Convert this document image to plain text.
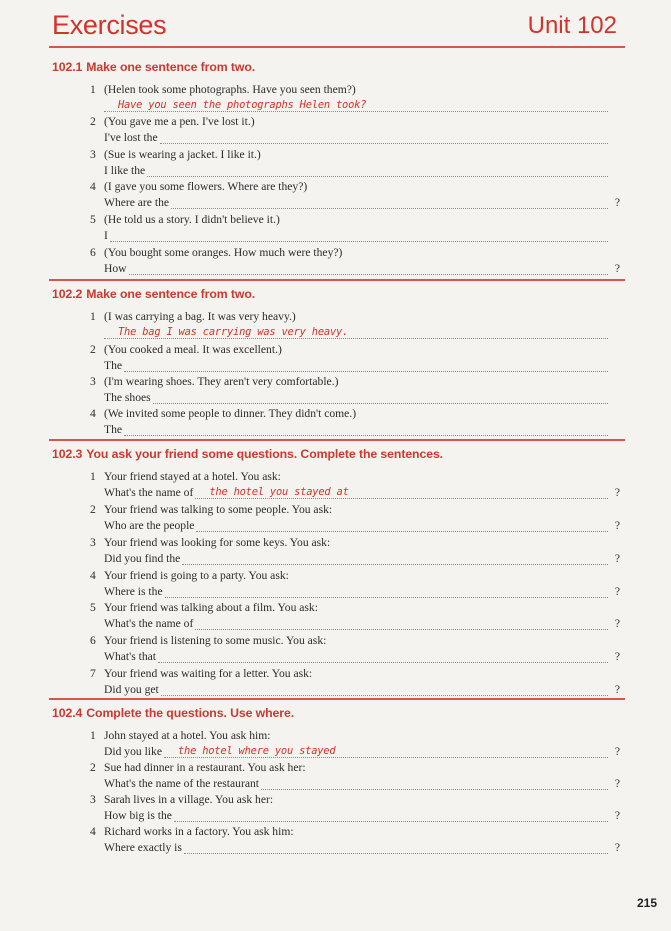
Exercises	Unit 102
102.1 Make one sentence from two.
1 (Helen took some photographs. Have you seen them?)
Have you seen the photographs Helen took?
2 (You gave me a pen. I've lost it.)
I've lost the
3 (Sue is wearing a jacket. I like it.)
I like the
4 (I gave you some flowers. Where are they?)
Where are the	?
5 (He told us a story. I didn't believe it.)
I
6 (You bought some oranges. How much were they?)
How	?
102.2 Make one sentence from two.
1 (I was carrying a bag. It was very heavy.)
The bag I was carrying was very heavy.
2 (You cooked a meal. It was excellent.)
The
3 (I'm wearing shoes. They aren't very comfortable.)
The shoes
4 (We invited some people to dinner. They didn't come.)
The
102.3 You ask your friend some questions. Complete the sentences.
1 Your friend stayed at a hotel. You ask:
What's the name of the hotel you stayed at	?
2 Your friend was talking to some people. You ask:
Who are the people	?
3 Your friend was looking for some keys. You ask:
Did you find the	?
4 Your friend is going to a party. You ask:
Where is the	?
5 Your friend was talking about a film. You ask:
What's the name of	?
6 Your friend is listening to some music. You ask:
What's that	?
7 Your friend was waiting for a letter. You ask:
Did you get	?
102.4 Complete the questions. Use where.
1 John stayed at a hotel. You ask him:
Did you like the hotel where you stayed	?
2 Sue had dinner in a restaurant. You ask her:
What's the name of the restaurant	?
3 Sarah lives in a village. You ask her:
How big is the	?
4 Richard works in a factory. You ask him:
Where exactly is	?
215
